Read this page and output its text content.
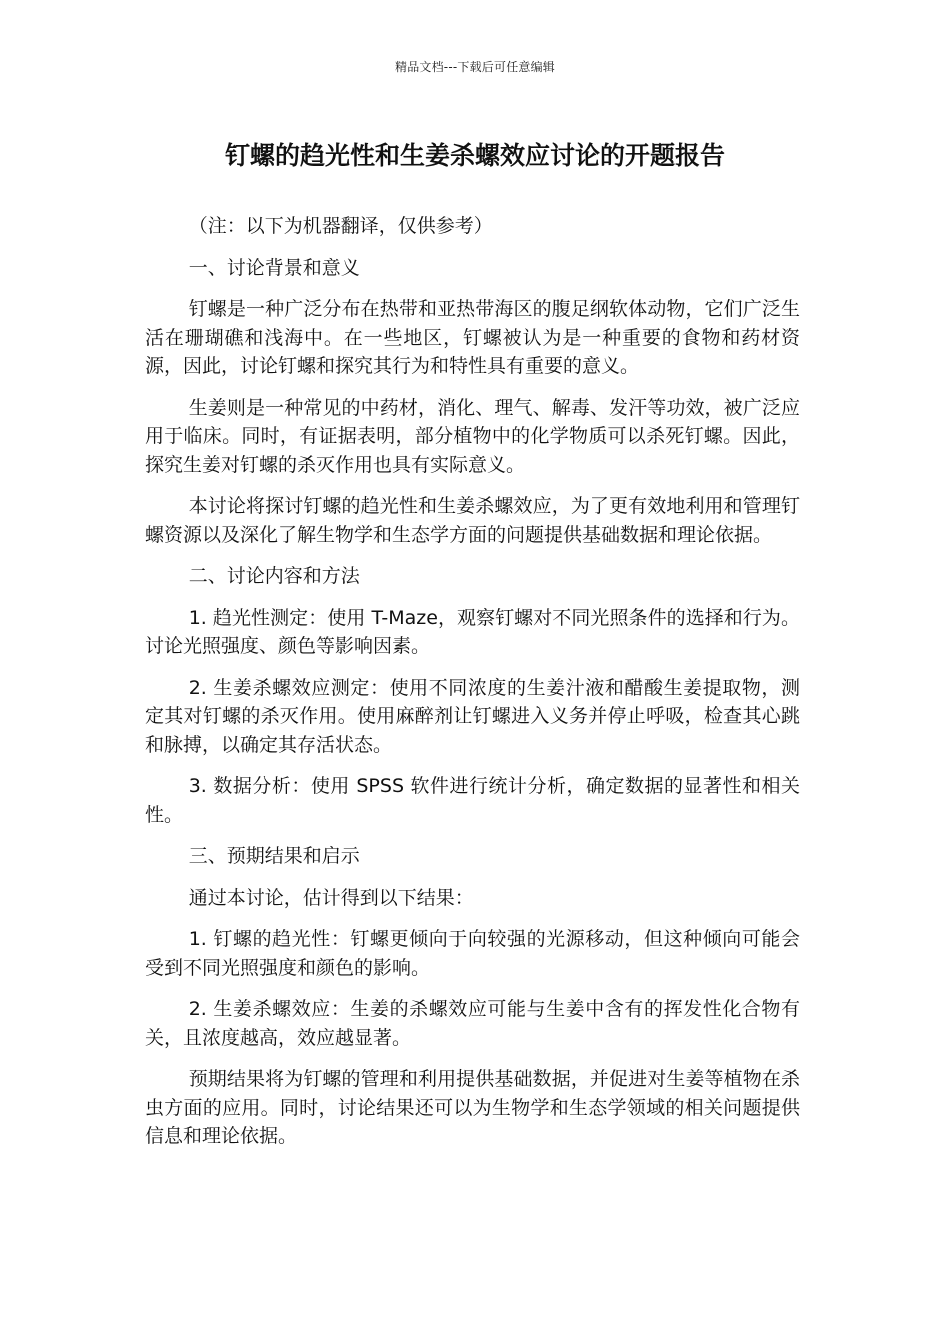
精品文档---下载后可任意编辑
钉螺的趋光性和生姜杀螺效应讨论的开题报告

（注：以下为机器翻译，仅供参考）

一、讨论背景和意义

钉螺是一种广泛分布在热带和亚热带海区的腹足纲软体动物，它们广泛生活在珊瑚礁和浅海中。在一些地区，钉螺被认为是一种重要的食物和药材资源，因此，讨论钉螺和探究其行为和特性具有重要的意义。

生姜则是一种常见的中药材，消化、理气、解毒、发汗等功效，被广泛应用于临床。同时，有证据表明，部分植物中的化学物质可以杀死钉螺。因此，探究生姜对钉螺的杀灭作用也具有实际意义。

本讨论将探讨钉螺的趋光性和生姜杀螺效应，为了更有效地利用和管理钉螺资源以及深化了解生物学和生态学方面的问题提供基础数据和理论依据。

二、讨论内容和方法

1. 趋光性测定：使用 T-Maze，观察钉螺对不同光照条件的选择和行为。讨论光照强度、颜色等影响因素。

2. 生姜杀螺效应测定：使用不同浓度的生姜汁液和醋酸生姜提取物，测定其对钉螺的杀灭作用。使用麻醉剂让钉螺进入义务并停止呼吸，检查其心跳和脉搏，以确定其存活状态。

3. 数据分析：使用 SPSS 软件进行统计分析，确定数据的显著性和相关性。

三、预期结果和启示

通过本讨论，估计得到以下结果：

1. 钉螺的趋光性：钉螺更倾向于向较强的光源移动，但这种倾向可能会受到不同光照强度和颜色的影响。

2. 生姜杀螺效应：生姜的杀螺效应可能与生姜中含有的挥发性化合物有关，且浓度越高，效应越显著。

预期结果将为钉螺的管理和利用提供基础数据，并促进对生姜等植物在杀虫方面的应用。同时，讨论结果还可以为生物学和生态学领域的相关问题提供信息和理论依据。
